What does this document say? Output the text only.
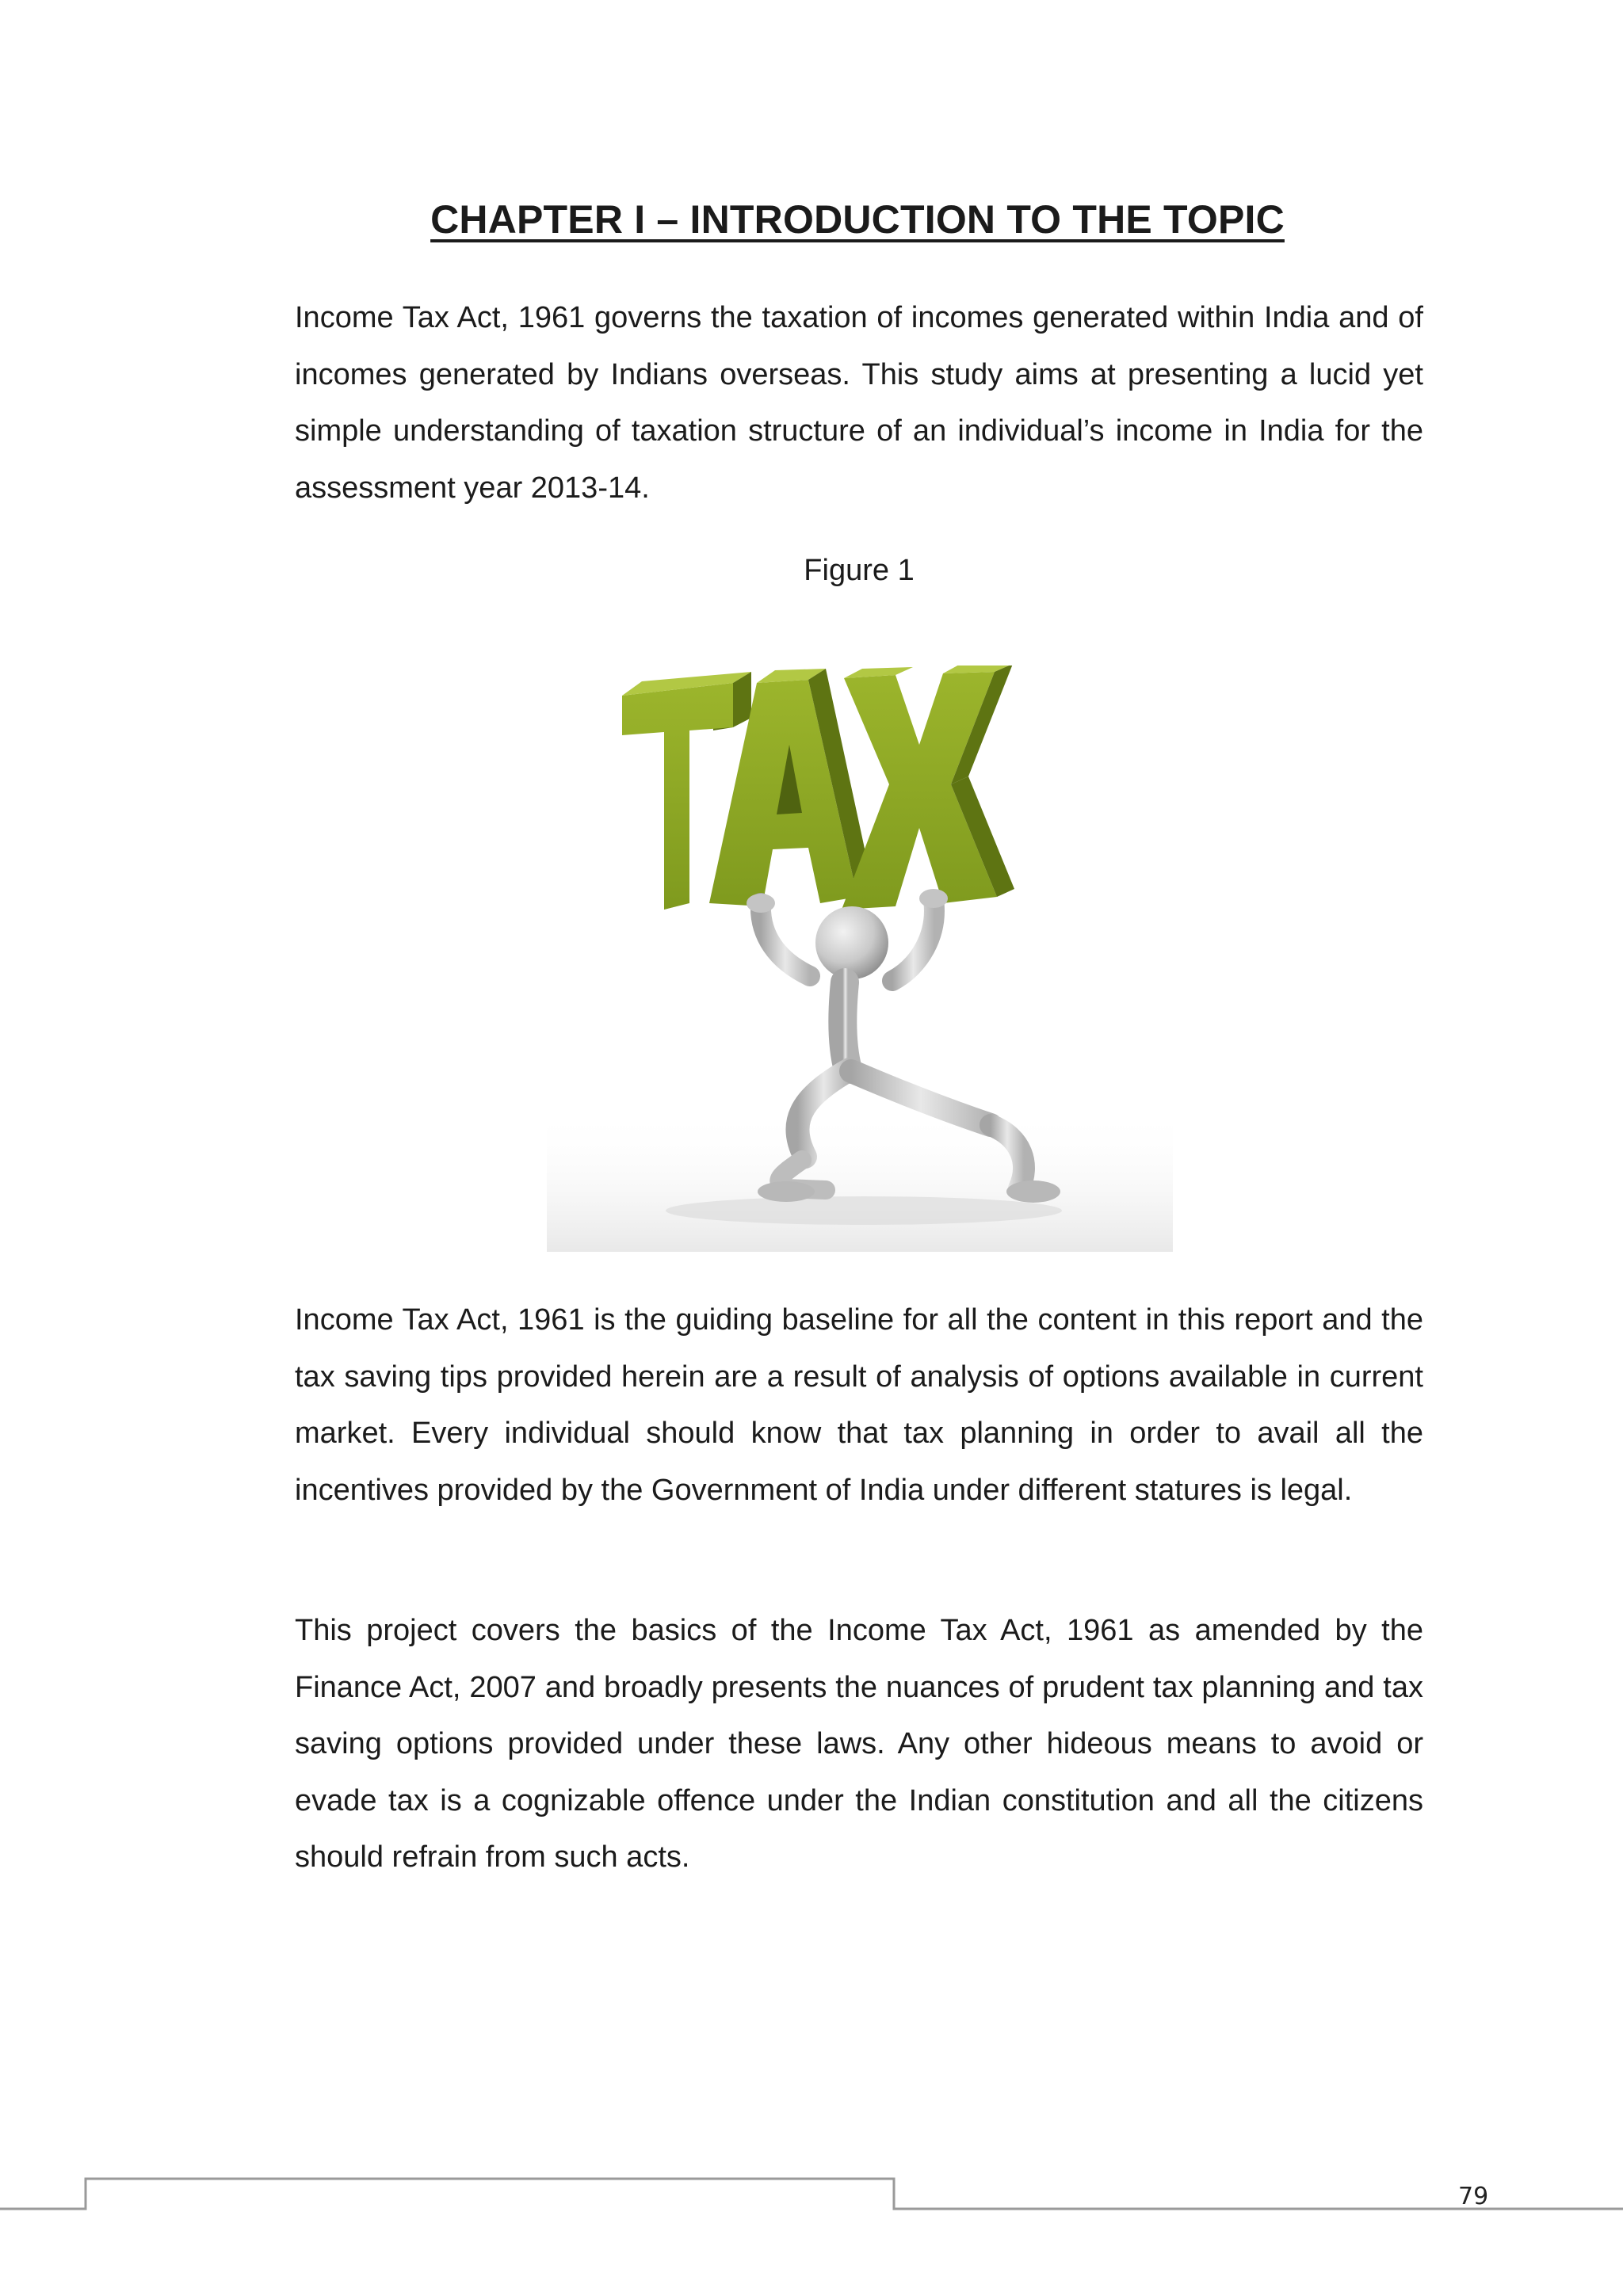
CHAPTER I – INTRODUCTION TO THE TOPIC

Income Tax Act, 1961 governs the taxation of incomes generated within India and of incomes generated by Indians overseas. This study aims at presenting a lucid yet simple understanding of taxation structure of an individual’s income in India for the assessment year 2013-14.

Figure 1

Income Tax Act, 1961 is the guiding baseline for all the content in this report and the tax saving tips provided herein are a result of analysis of options available in current market. Every individual should know that tax planning in order to avail all the incentives provided by the Government of India under different statures is legal.

This project covers the basics of the Income Tax Act, 1961 as amended by the Finance Act, 2007 and broadly presents the nuances of prudent tax planning and tax saving options provided under these laws. Any other hideous means to avoid or evade tax is a cognizable offence under the Indian constitution and all the citizens should refrain from such acts.

79
